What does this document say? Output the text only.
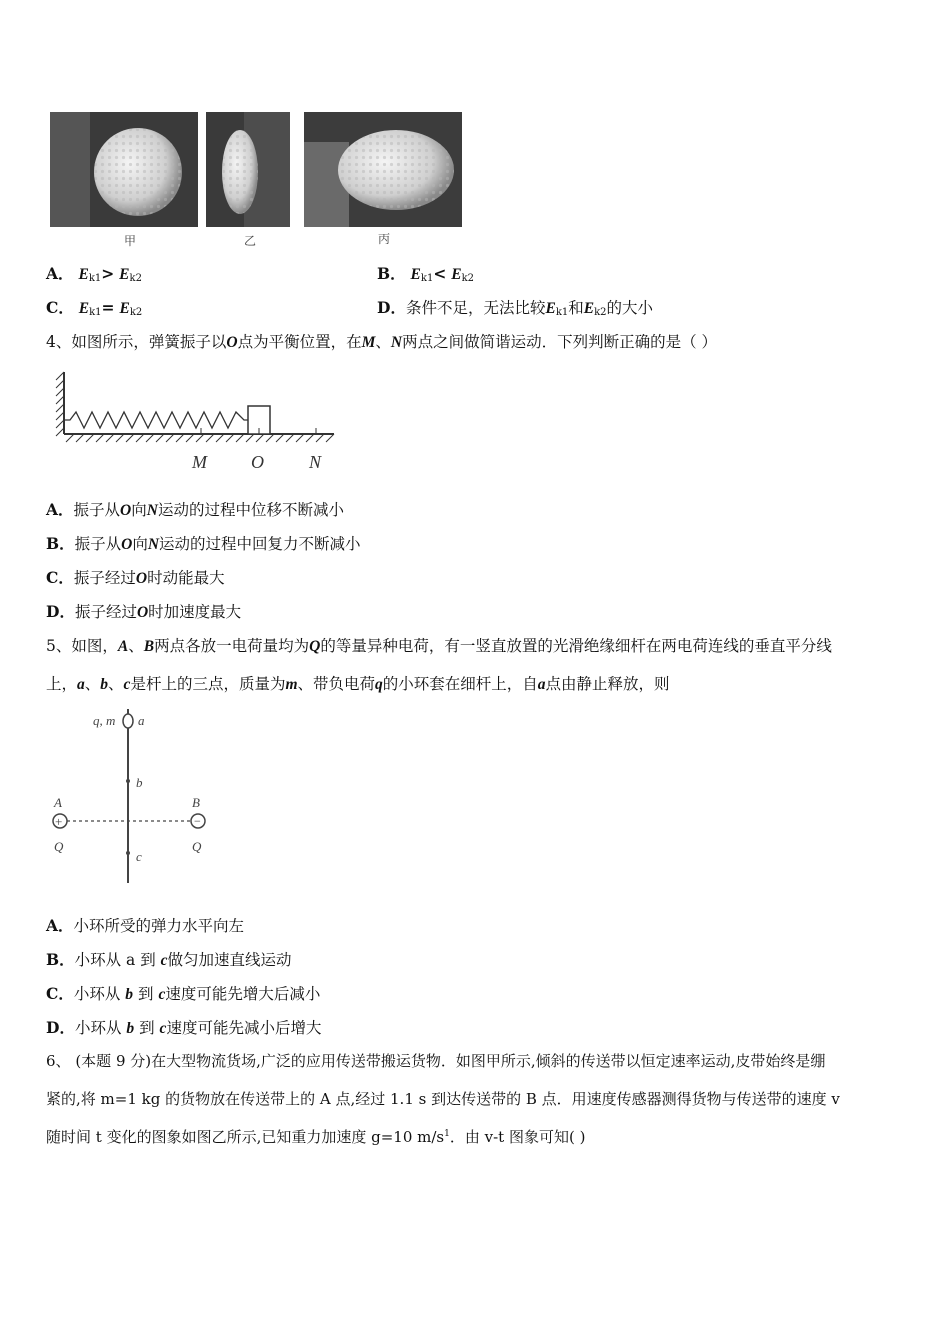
甲	乙	丙
A． $E_{k1}> E_{k2}$	B． $E_{k1}< E_{k2}$
C． $E_{k1}= E_{k2}$	D．条件不足，无法比较$E_{k1}$和$E_{k2}$的大小
4、如图所示，弹簧振子以O点为平衡位置，在M、N两点之间做简谐运动．下列判断正确的是（ ）
M O	N
A．振子从O向N运动的过程中位移不断减小
B．振子从O向N运动的过程中回复力不断减小
C．振子经过O时动能最大
D．振子经过O时加速度最大
5、如图，A、B两点各放一电荷量均为Q的等量异种电荷，有一竖直放置的光滑绝缘细杆在两电荷连线的垂直平分线
上，a、b、c是杆上的三点，质量为m、带负电荷q的小环套在细杆上，自a点由静止释放，则
q, m a
b
c
+	−
A	B
Q	Q
A．小环所受的弹力水平向左
B．小环从 a 到 c做匀加速直线运动
C．小环从 b 到 c速度可能先增大后减小
D．小环从 b 到 c速度可能先减小后增大
6、 (本题 9 分)在大型物流货场,广泛的应用传送带搬运货物．如图甲所示,倾斜的传送带以恒定速率运动,皮带始终是绷
紧的,将 m=1 kg 的货物放在传送带上的 A 点,经过 1.1 s 到达传送带的 B 点．用速度传感器测得货物与传送带的速度 v
随时间 t 变化的图象如图乙所示,已知重力加速度 g=10 $m/s^1$．由 v-t 图象可知( )
